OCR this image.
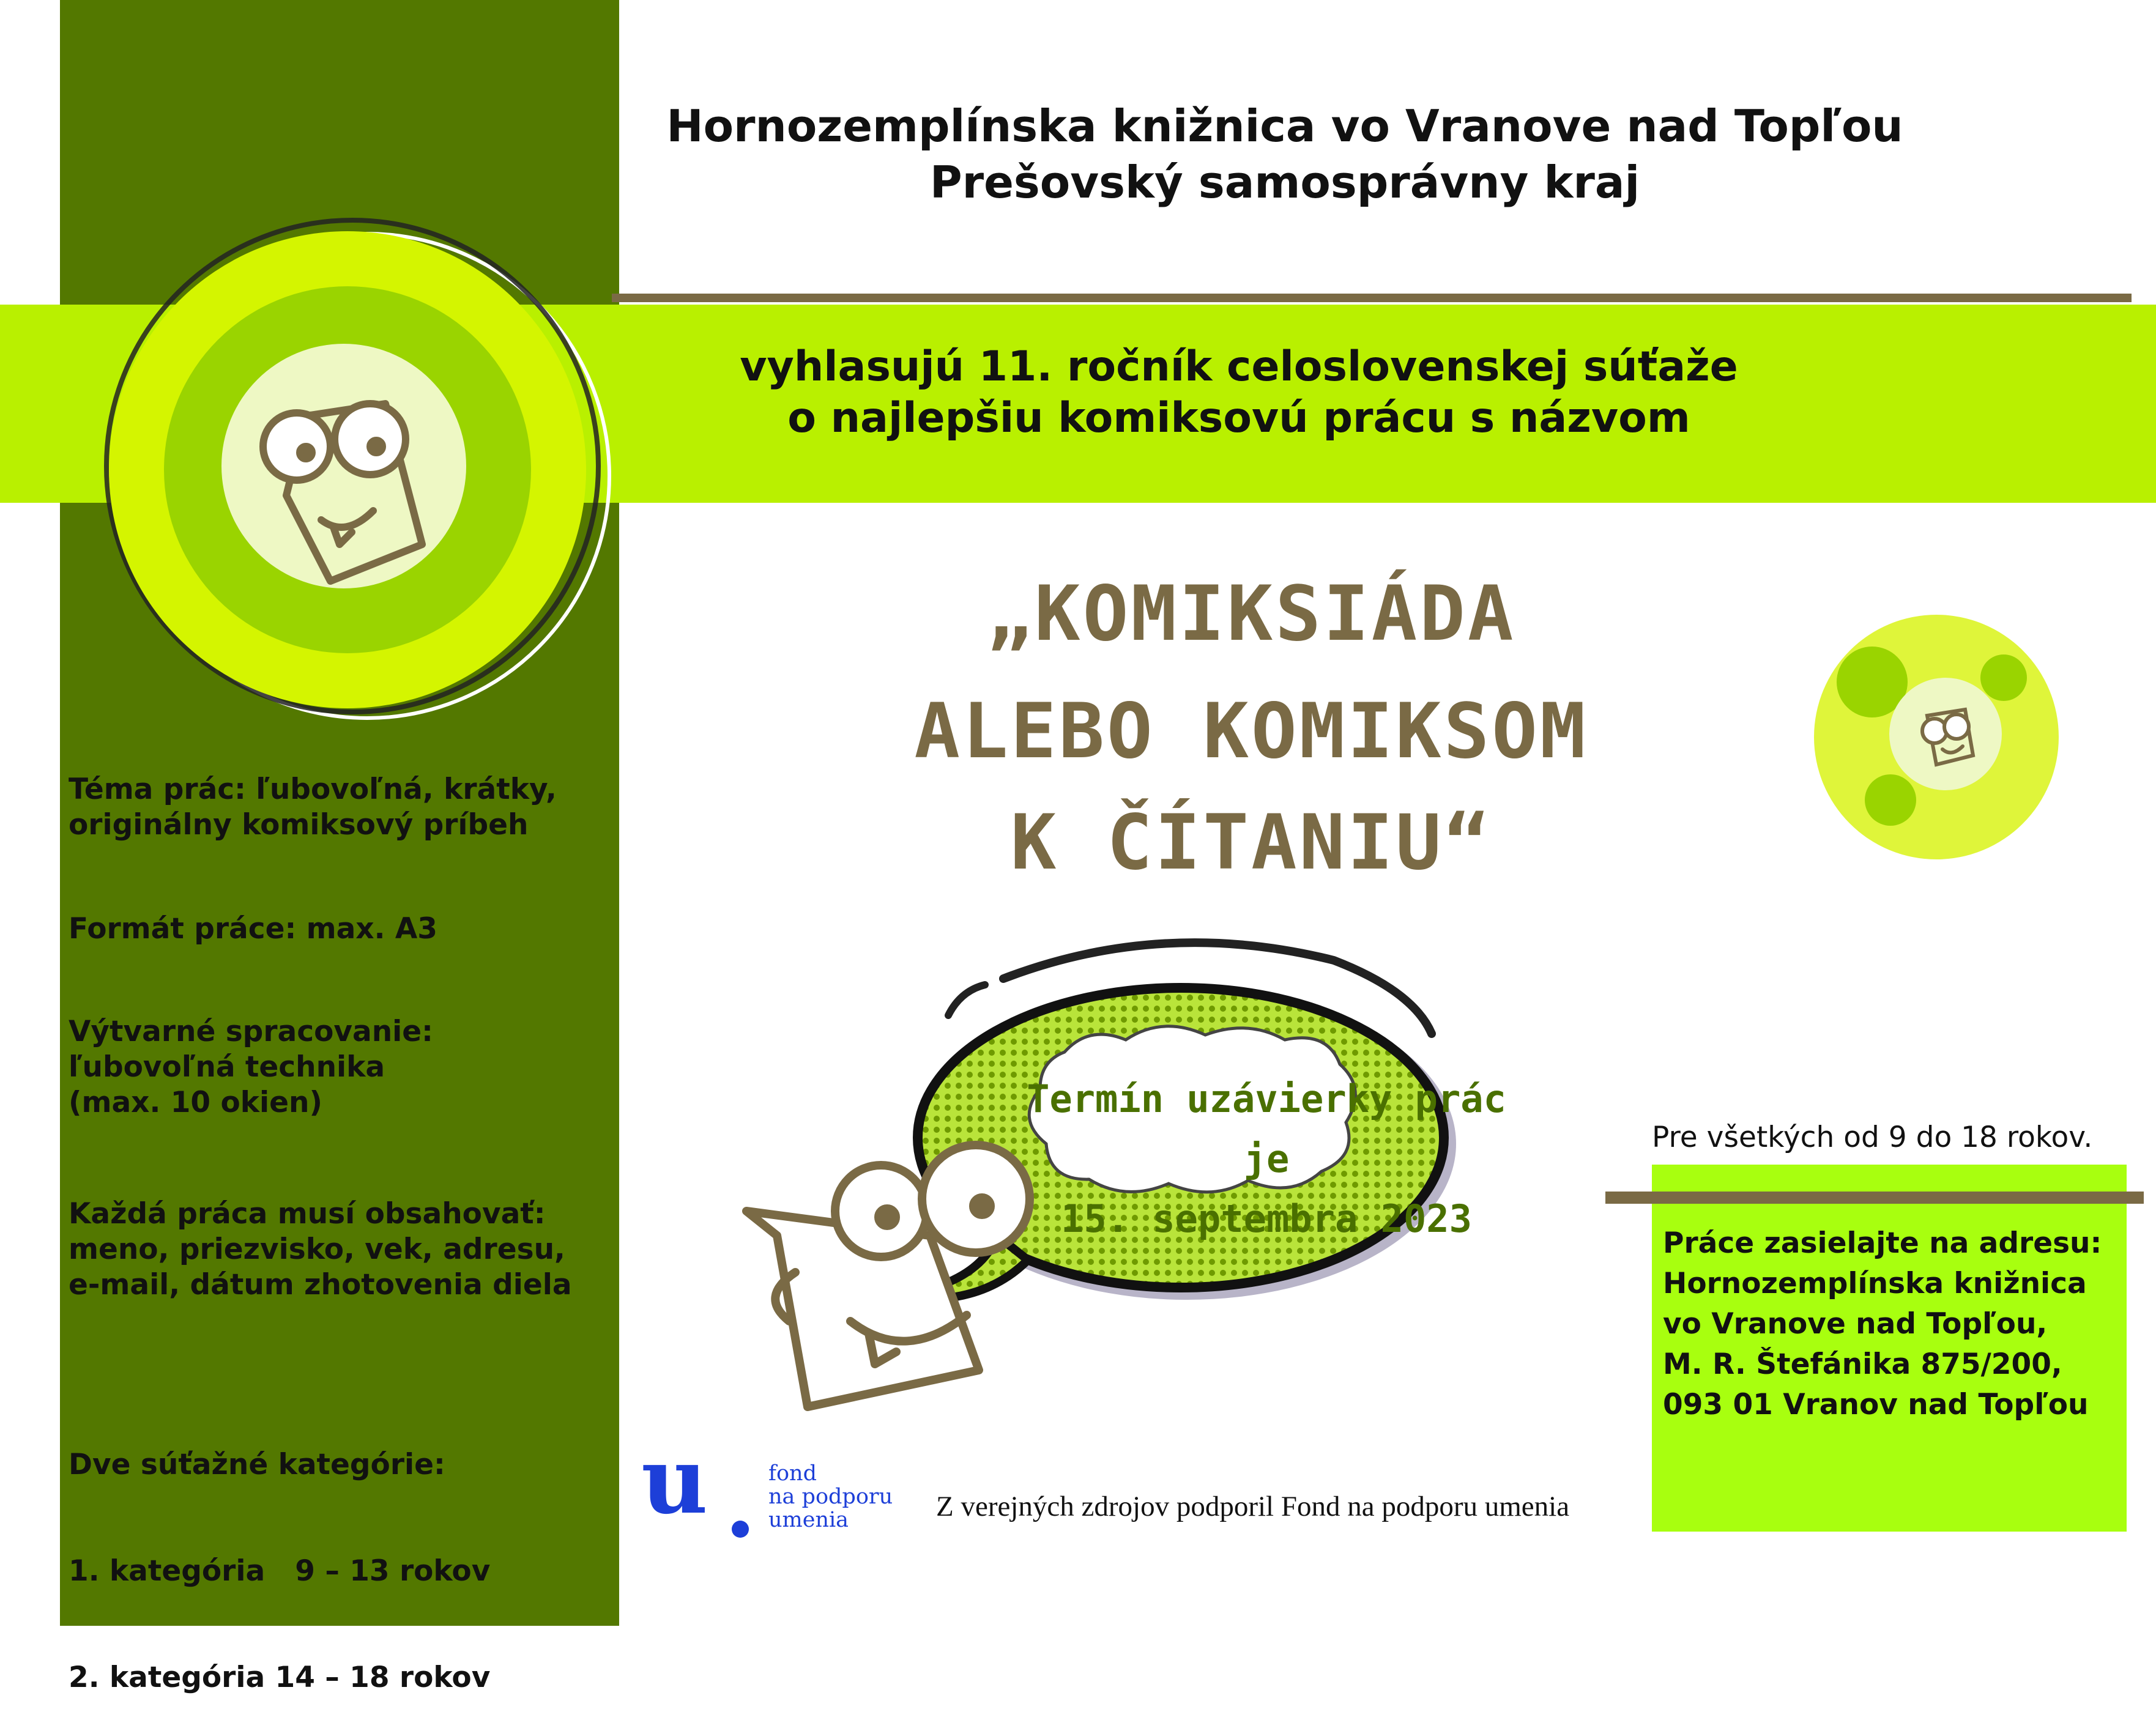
Hornozemplínska knižnica vo Vranove nad Topľou
Prešovský samosprávny kraj
vyhlasujú 11. ročník celoslovenskej súťaže
o najlepšiu komiksovú prácu s názvom
„KOMIKSIÁDA
ALEBO KOMIKSOM
K ČÍTANIU“
Termín uzávierky prác je
15. septembra 2023
Téma prác: ľubovoľná, krátky,
originálny komiksový príbeh
Formát práce: max. A3
Výtvarné spracovanie:
ľubovoľná technika
(max. 10 okien)
Každá práca musí obsahovať:
meno, priezvisko, vek, adresu,
e-mail, dátum zhotovenia diela

Dve súťažné kategórie:

1. kategória   9 – 13 rokov

2. kategória 14 – 18 rokov

Pre všetkých od 9 do 18 rokov.
Práce zasielajte na adresu:
Hornozemplínska knižnica
vo Vranove nad Topľou,
M. R. Štefánika 875/200,
093 01 Vranov nad Topľou
u	fond
na podporu
umenia	Z verejných zdrojov podporil Fond na podporu umenia
